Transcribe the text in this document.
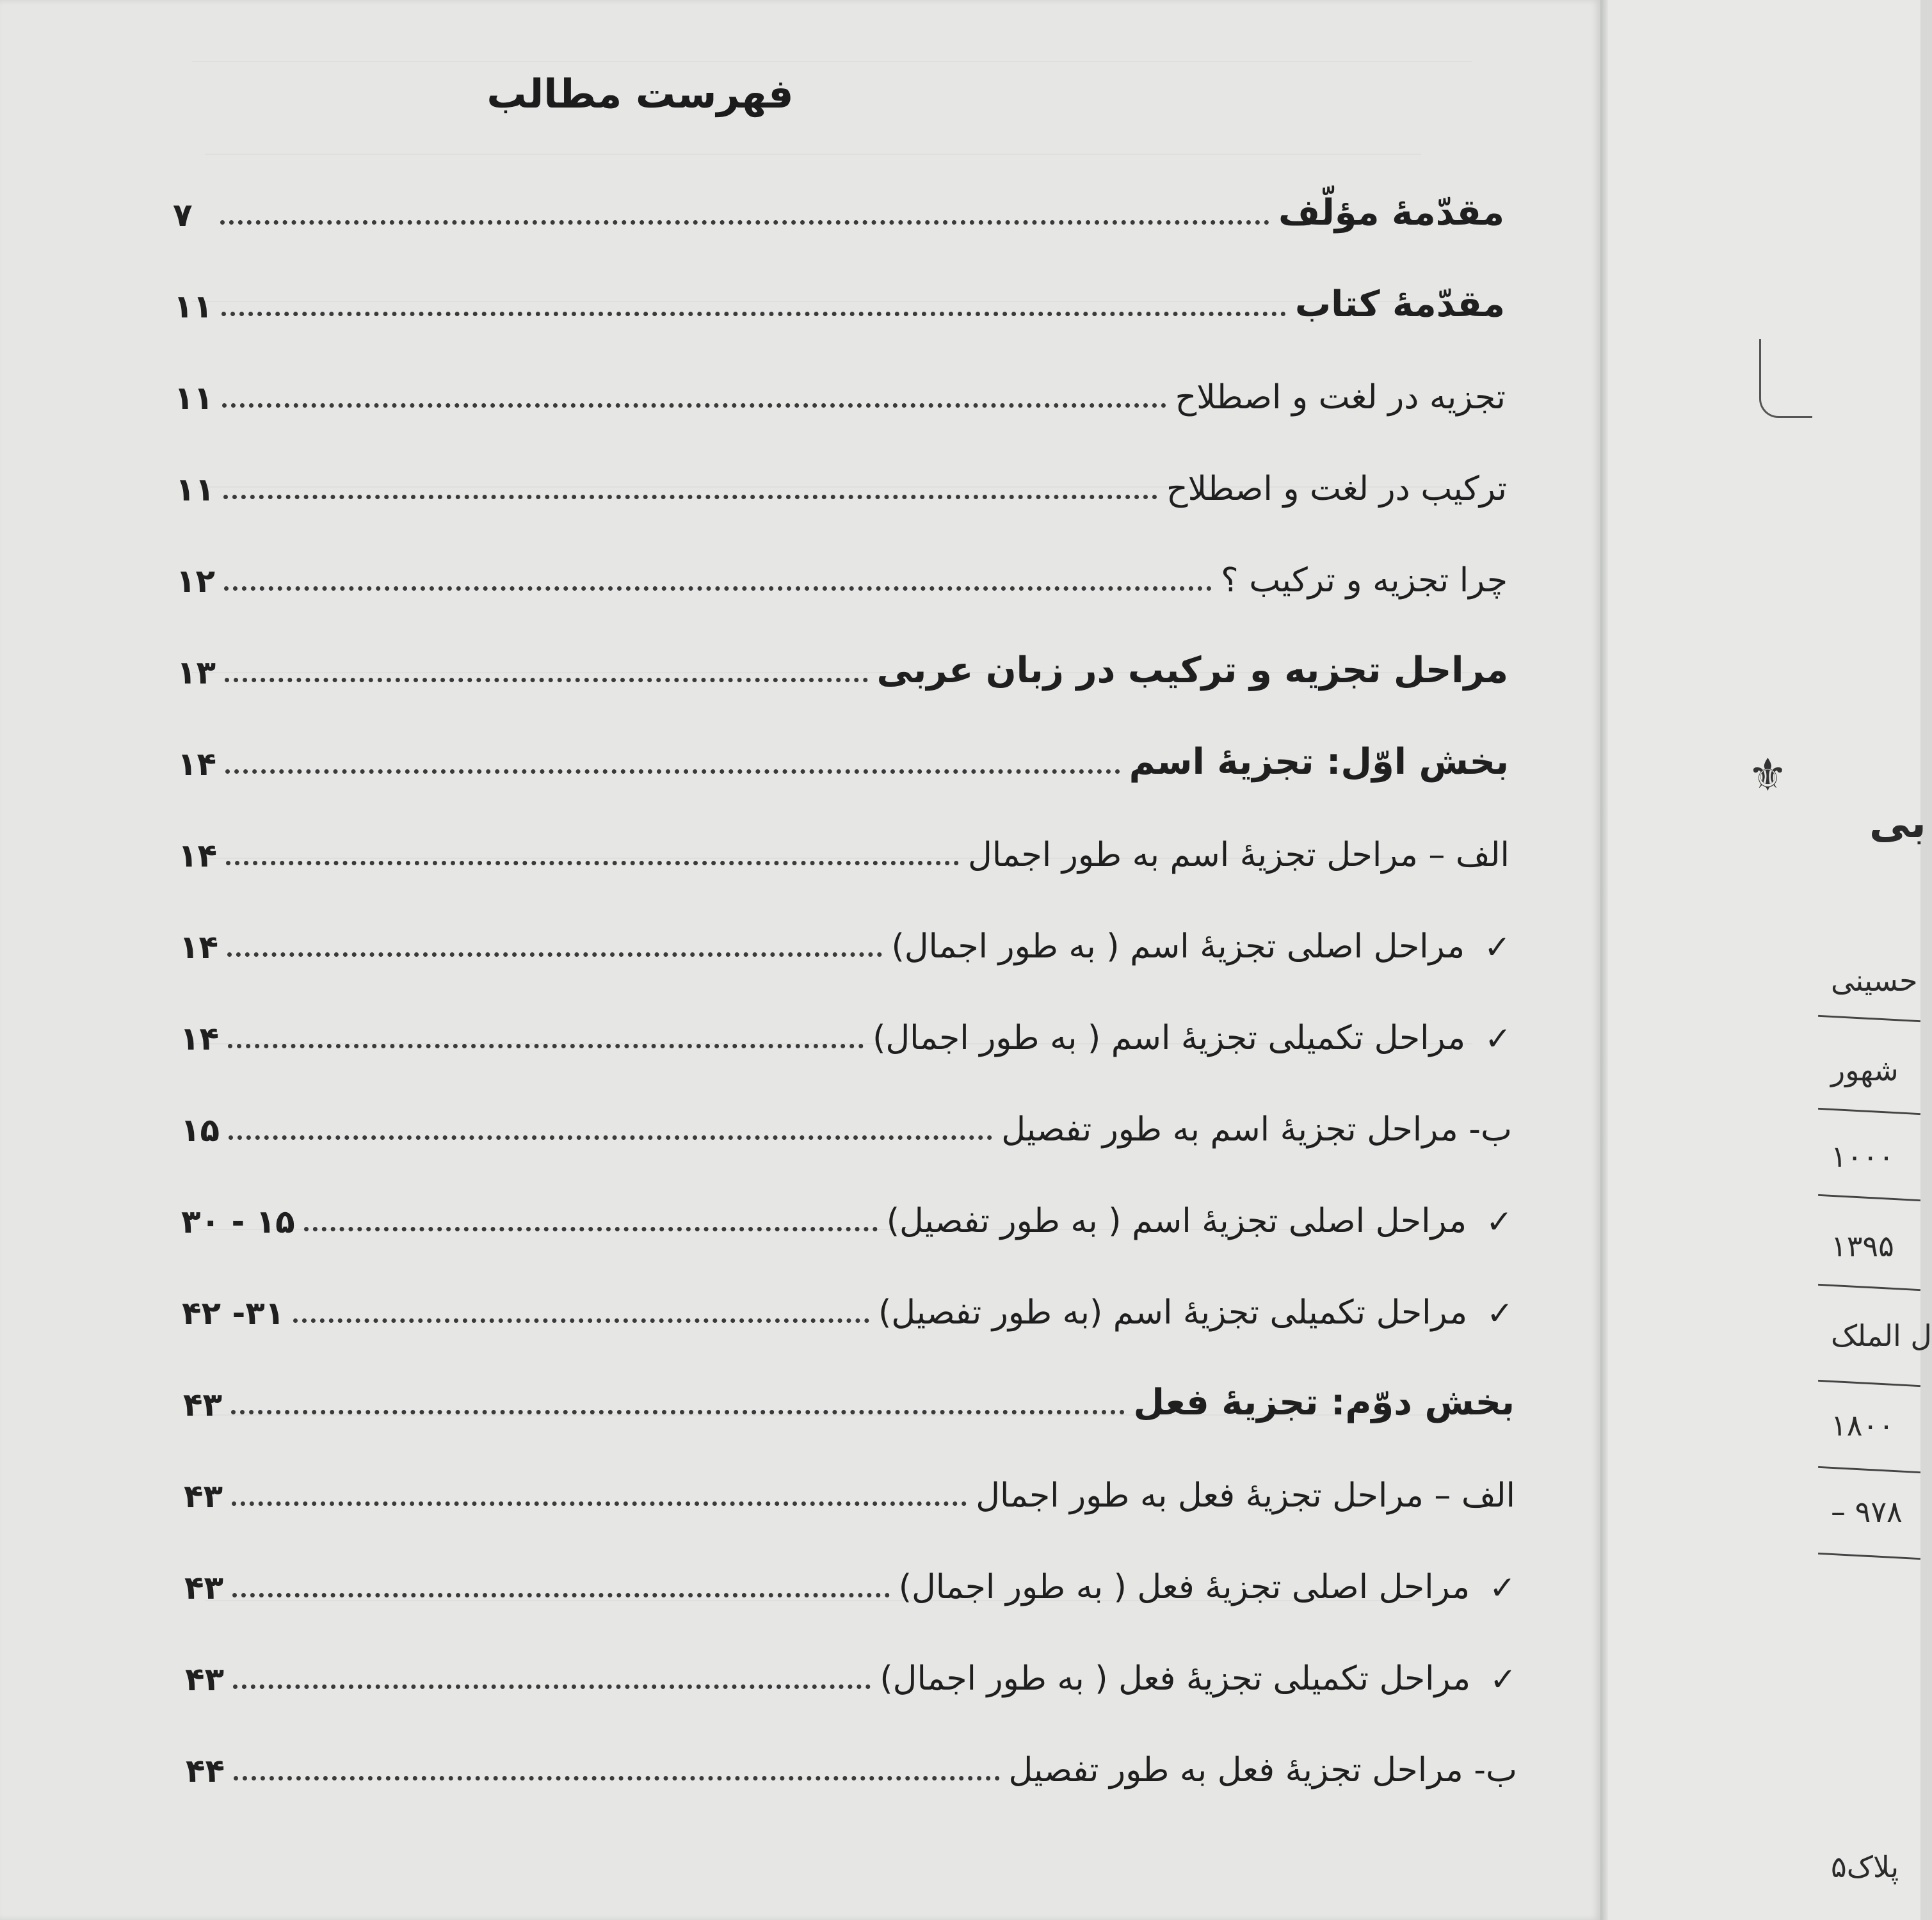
فهرست مطالب
مقدّمهٔ مؤلّف
۷
مقدّمهٔ کتاب
۱۱
تجزیه در لغت و اصطلاح
۱۱
ترکیب در لغت و اصطلاح
۱۱
چرا تجزیه و ترکیب ؟
۱۲
مراحل تجزیه و ترکیب در زبان عربی
۱۳
بخش اوّل: تجزیهٔ اسم
۱۴
الف – مراحل تجزیهٔ اسم به طور اجمال
۱۴
✓
مراحل اصلی تجزیهٔ اسم ( به طور اجمال)
۱۴
✓
مراحل تکمیلی تجزیهٔ اسم ( به طور اجمال)
۱۴
ب- مراحل تجزیهٔ اسم به طور تفصیل
۱۵
✓
مراحل اصلی تجزیهٔ اسم ( به طور تفصیل)
۱۵ - ۳۰
✓
مراحل تکمیلی تجزیهٔ اسم (به طور تفصیل)
۳۱- ۴۲
بخش دوّم: تجزیهٔ فعل
۴۳
الف – مراحل تجزیهٔ فعل به طور اجمال
۴۳
✓
مراحل اصلی تجزیهٔ فعل ( به طور اجمال)
۴۳
✓
مراحل تکمیلی تجزیهٔ فعل ( به طور اجمال)
۴۳
ب- مراحل تجزیهٔ فعل به طور تفصیل
۴۴
⚜
بی
حسینی
شهور
۱۰۰۰
۱۳۹۵
ل الملک
۱۸۰۰
۹۷۸ –
پلاک۵
